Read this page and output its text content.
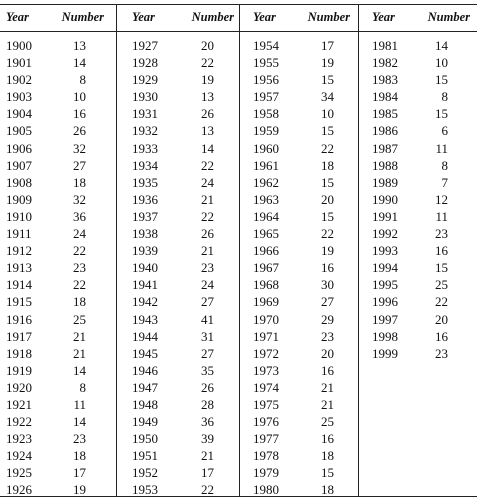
Year	Number
1900	13
1901	14
1902	8
1903	10
1904	16
1905	26
1906	32
1907	27
1908	18
1909	32
1910	36
1911	24
1912	22
1913	23
1914	22
1915	18
1916	25
1917	21
1918	21
1919	14
1920	8
1921	11
1922	14
1923	23
1924	18
1925	17
1926	19
Year	Number
1927	20
1928	22
1929	19
1930	13
1931	26
1932	13
1933	14
1934	22
1935	24
1936	21
1937	22
1938	26
1939	21
1940	23
1941	24
1942	27
1943	41
1944	31
1945	27
1946	35
1947	26
1948	28
1949	36
1950	39
1951	21
1952	17
1953	22
Year	Number
1954	17
1955	19
1956	15
1957	34
1958	10
1959	15
1960	22
1961	18
1962	15
1963	20
1964	15
1965	22
1966	19
1967	16
1968	30
1969	27
1970	29
1971	23
1972	20
1973	16
1974	21
1975	21
1976	25
1977	16
1978	18
1979	15
1980	18
Year	Number
1981	14
1982	10
1983	15
1984	8
1985	15
1986	6
1987	11
1988	8
1989	7
1990	12
1991	11
1992	23
1993	16
1994	15
1995	25
1996	22
1997	20
1998	16
1999	23
